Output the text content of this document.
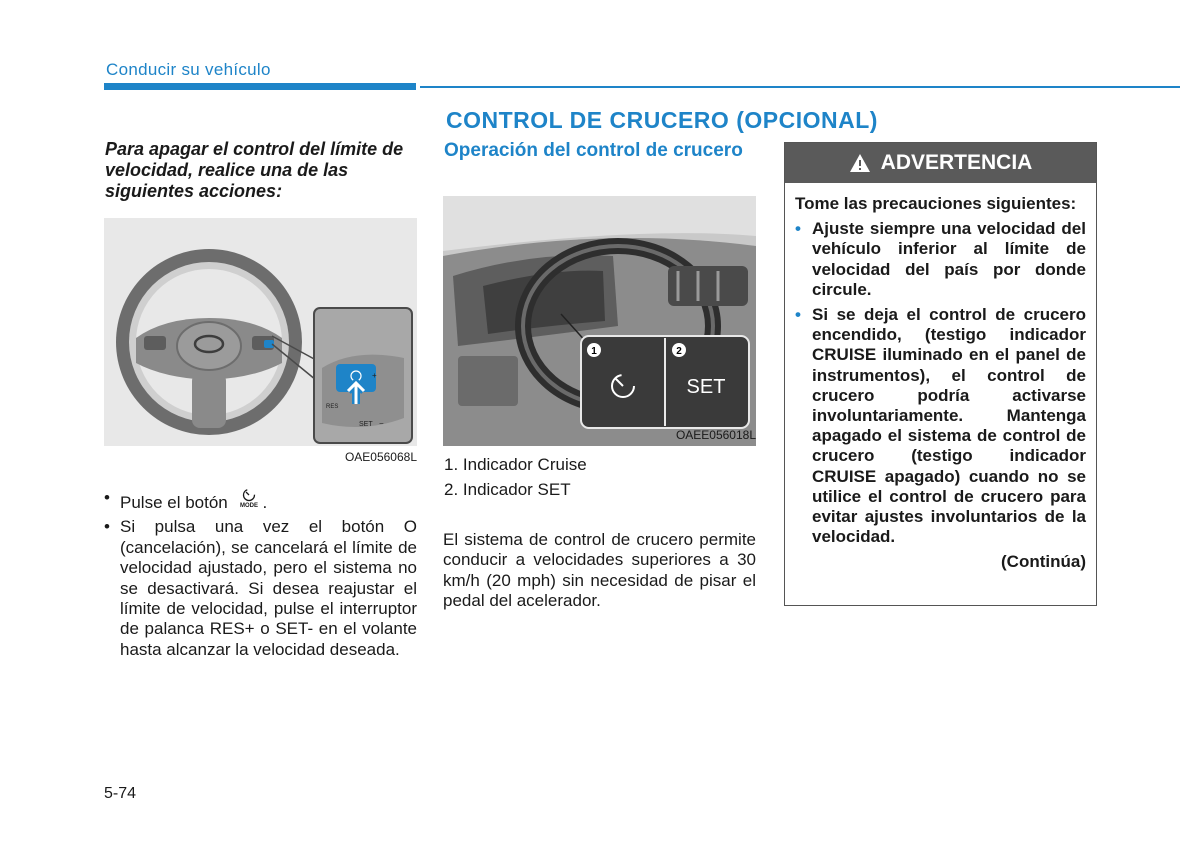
Conducir su vehículo
CONTROL DE CRUCERO (OPCIONAL)
Para apagar el control del límite de velocidad, realice una de las siguientes acciones:
+
SET −
RES
OAE056068L
• Pulse el botón MODE .
• Si pulsa una vez el botón O (cancelación), se cancelará el límite de velocidad ajustado, pero el sistema no se desactivará. Si desea reajustar el límite de velocidad, pulse el interruptor de palanca RES+ o SET- en el volante hasta alcanzar la velocidad deseada.
Operación del control de crucero
1	2
SET
OAEE056018L
1. Indicador Cruise
2. Indicador SET
El sistema de control de crucero permite conducir a velocidades superiores a 30 km/h (20 mph) sin necesidad de pisar el pedal del acelerador.
ADVERTENCIA

Tome las precauciones siguientes:

• Ajuste siempre una velocidad del vehículo inferior al límite de velocidad del país por donde circule.
• Si se deja el control de crucero encendido, (testigo indicador CRUISE iluminado en el panel de instrumentos), el control de crucero podría activarse involuntariamente. Mantenga apagado el sistema de control de crucero (testigo indicador CRUISE apagado) cuando no se utilice el control de crucero para evitar ajustes involuntarios de la velocidad.
(Continúa)
5-74
